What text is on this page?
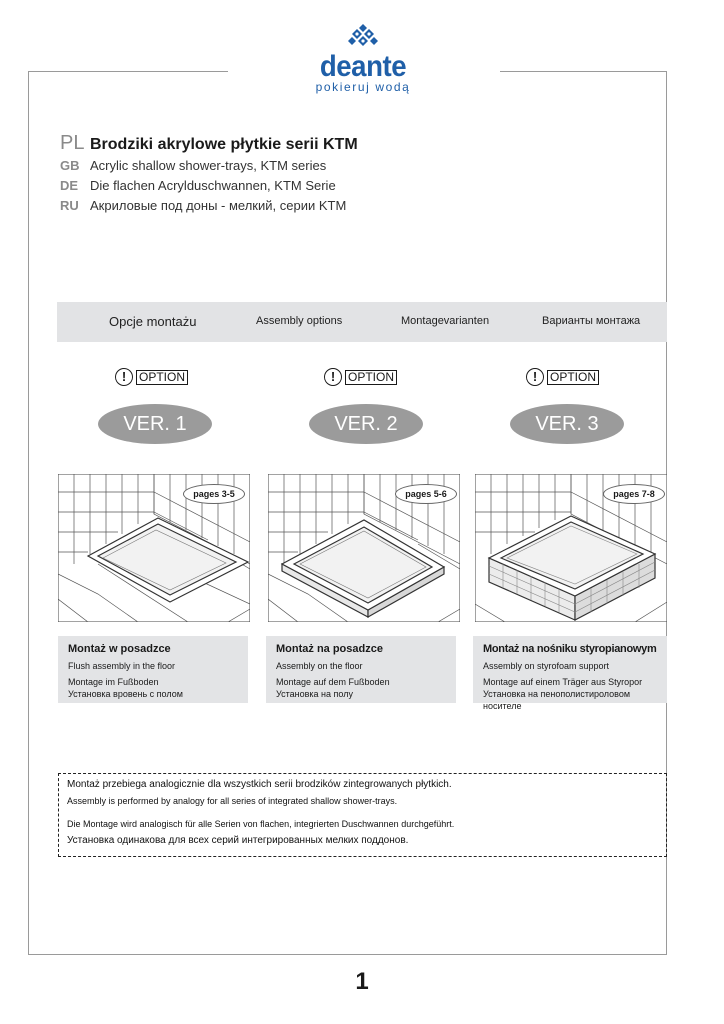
deante
pokieruj wodą
PL Brodziki akrylowe płytkie serii KTM
GB Acrylic shallow shower-trays, KTM series
DE Die flachen Acrylduschwannen, KTM Serie
RU Акриловые под доны - мелкий, серии KTM
Opcje montażu	Assembly options	Montagevarianten	Варианты монтажа
!	OPTION
VER. 1
pages 3-5
Montaż w posadzce
Flush assembly in the floor
Montage im Fußboden
Установка вровень с полом
!	OPTION
VER. 2
pages 5-6
Montaż na posadzce
Assembly on the floor
Montage auf dem Fußboden
Установка на полу
!	OPTION
VER. 3
pages 7-8
Montaż na nośniku styropianowym
Assembly on styrofoam support
Montage auf einem Träger aus Styropor
Установка на пенополистироловом носителе
Montaż przebiega analogicznie dla wszystkich serii brodzików zintegrowanych płytkich.
Assembly is performed by analogy for all series of integrated shallow shower-trays.
Die Montage wird analogisch für alle Serien von flachen, integrierten Duschwannen durchgeführt.
Установка одинакова для всех серий интегрированных мелких поддонов.
1
